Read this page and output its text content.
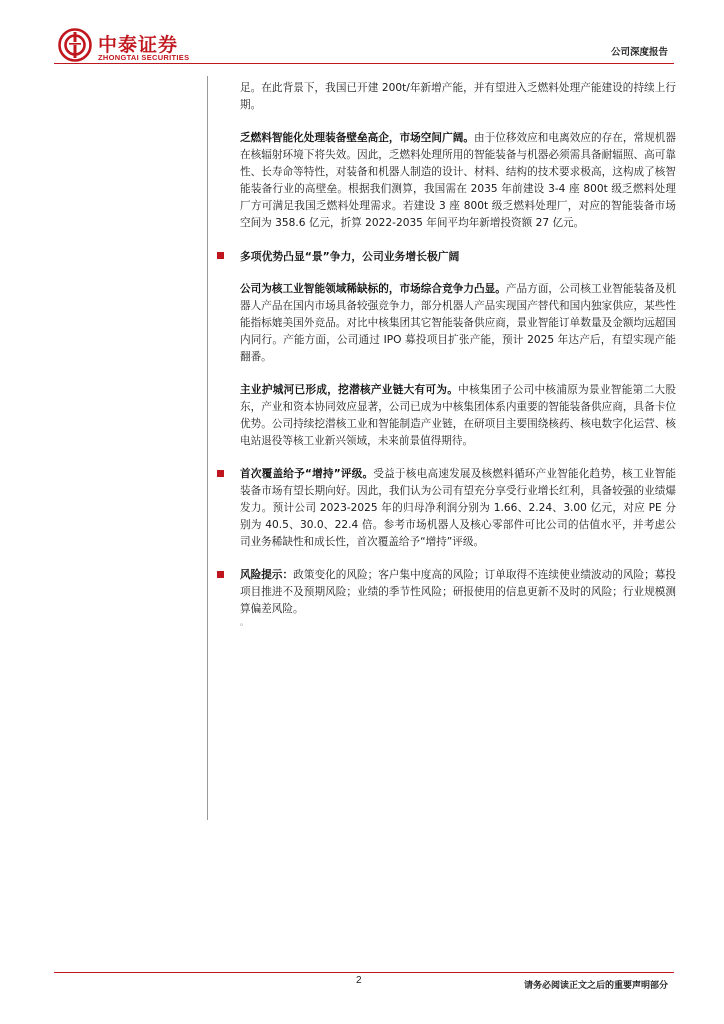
中泰证券
ZHONGTAI SECURITIES	公司深度报告

足。在此背景下，我国已开建 200t/年新增产能，并有望进入乏燃料处理产能建设的持续上行期。

乏燃料智能化处理装备壁垒高企，市场空间广阔。由于位移效应和电离效应的存在，常规机器在核辐射环境下将失效。因此，乏燃料处理所用的智能装备与机器必须需具备耐辐照、高可靠性、长寿命等特性，对装备和机器人制造的设计、材料、结构的技术要求极高，这构成了核智能装备行业的高壁垒。根据我们测算，我国需在 2035 年前建设 3-4 座 800t 级乏燃料处理厂方可满足我国乏燃料处理需求。若建设 3 座 800t 级乏燃料处理厂，对应的智能装备市场空间为 358.6 亿元，折算 2022-2035 年间平均年新增投资额 27 亿元。

多项优势凸显“景”争力，公司业务增长极广阔

公司为核工业智能领域稀缺标的，市场综合竞争力凸显。产品方面，公司核工业智能装备及机器人产品在国内市场具备较强竞争力，部分机器人产品实现国产替代和国内独家供应，某些性能指标媲美国外竞品。对比中核集团其它智能装备供应商，景业智能订单数量及金额均远超国内同行。产能方面，公司通过 IPO 募投项目扩张产能，预计 2025 年达产后，有望实现产能翻番。

主业护城河已形成，挖潜核产业链大有可为。中核集团子公司中核浦原为景业智能第二大股东，产业和资本协同效应显著，公司已成为中核集团体系内重要的智能装备供应商，具备卡位优势。公司持续挖潜核工业和智能制造产业链，在研项目主要围绕核药、核电数字化运营、核电站退役等核工业新兴领域，未来前景值得期待。

首次覆盖给予“增持”评级。受益于核电高速发展及核燃料循环产业智能化趋势，核工业智能装备市场有望长期向好。因此，我们认为公司有望充分享受行业增长红利，具备较强的业绩爆发力。预计公司 2023-2025 年的归母净利润分别为 1.66、2.24、3.00 亿元，对应 PE 分别为 40.5、30.0、22.4 倍。参考市场机器人及核心零部件可比公司的估值水平，并考虑公司业务稀缺性和成长性，首次覆盖给予“增持”评级。

风险提示：政策变化的风险；客户集中度高的风险；订单取得不连续使业绩波动的风险；募投项目推进不及预期风险；业绩的季节性风险；研报使用的信息更新不及时的风险；行业规模测算偏差风险。

。
2	请务必阅读正文之后的重要声明部分
